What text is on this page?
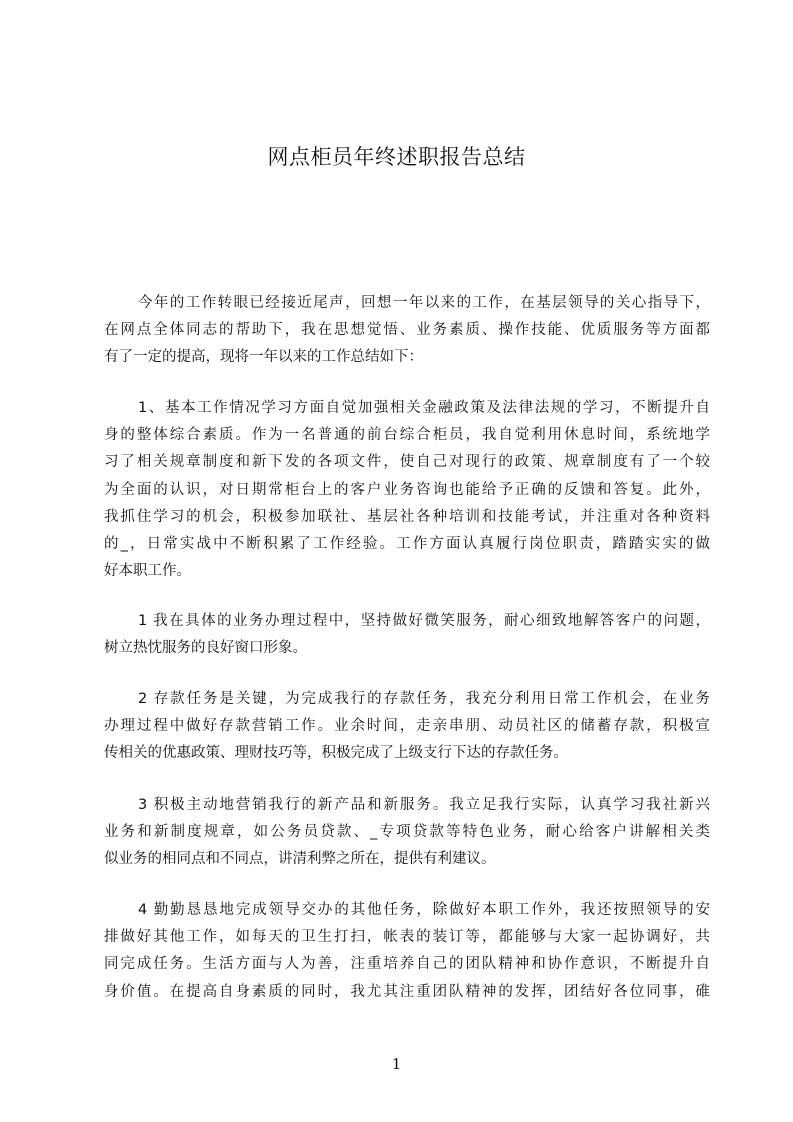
网点柜员年终述职报告总结
今年的工作转眼已经接近尾声，回想一年以来的工作，在基层领导的关心指导下，
在网点全体同志的帮助下，我在思想觉悟、业务素质、操作技能、优质服务等方面都
有了一定的提高，现将一年以来的工作总结如下：
1、基本工作情况学习方面自觉加强相关金融政策及法律法规的学习，不断提升自
身的整体综合素质。作为一名普通的前台综合柜员，我自觉利用休息时间，系统地学
习了相关规章制度和新下发的各项文件，使自己对现行的政策、规章制度有了一个较
为全面的认识，对日期常柜台上的客户业务咨询也能给予正确的反馈和答复。此外，
我抓住学习的机会，积极参加联社、基层社各种培训和技能考试，并注重对各种资料
的_，日常实战中不断积累了工作经验。工作方面认真履行岗位职责，踏踏实实的做
好本职工作。
1 我在具体的业务办理过程中，坚持做好微笑服务，耐心细致地解答客户的问题，
树立热忱服务的良好窗口形象。
2 存款任务是关键，为完成我行的存款任务，我充分利用日常工作机会，在业务
办理过程中做好存款营销工作。业余时间，走亲串朋、动员社区的储蓄存款，积极宣
传相关的优惠政策、理财技巧等，积极完成了上级支行下达的存款任务。
3 积极主动地营销我行的新产品和新服务。我立足我行实际，认真学习我社新兴
业务和新制度规章，如公务员贷款、_专项贷款等特色业务，耐心给客户讲解相关类
似业务的相同点和不同点，讲清利弊之所在，提供有利建议。
4 勤勤恳恳地完成领导交办的其他任务，除做好本职工作外，我还按照领导的安
排做好其他工作，如每天的卫生打扫，帐表的装订等，都能够与大家一起协调好，共
同完成任务。生活方面与人为善，注重培养自己的团队精神和协作意识，不断提升自
身价值。在提高自身素质的同时，我尤其注重团队精神的发挥，团结好各位同事，碓
1
